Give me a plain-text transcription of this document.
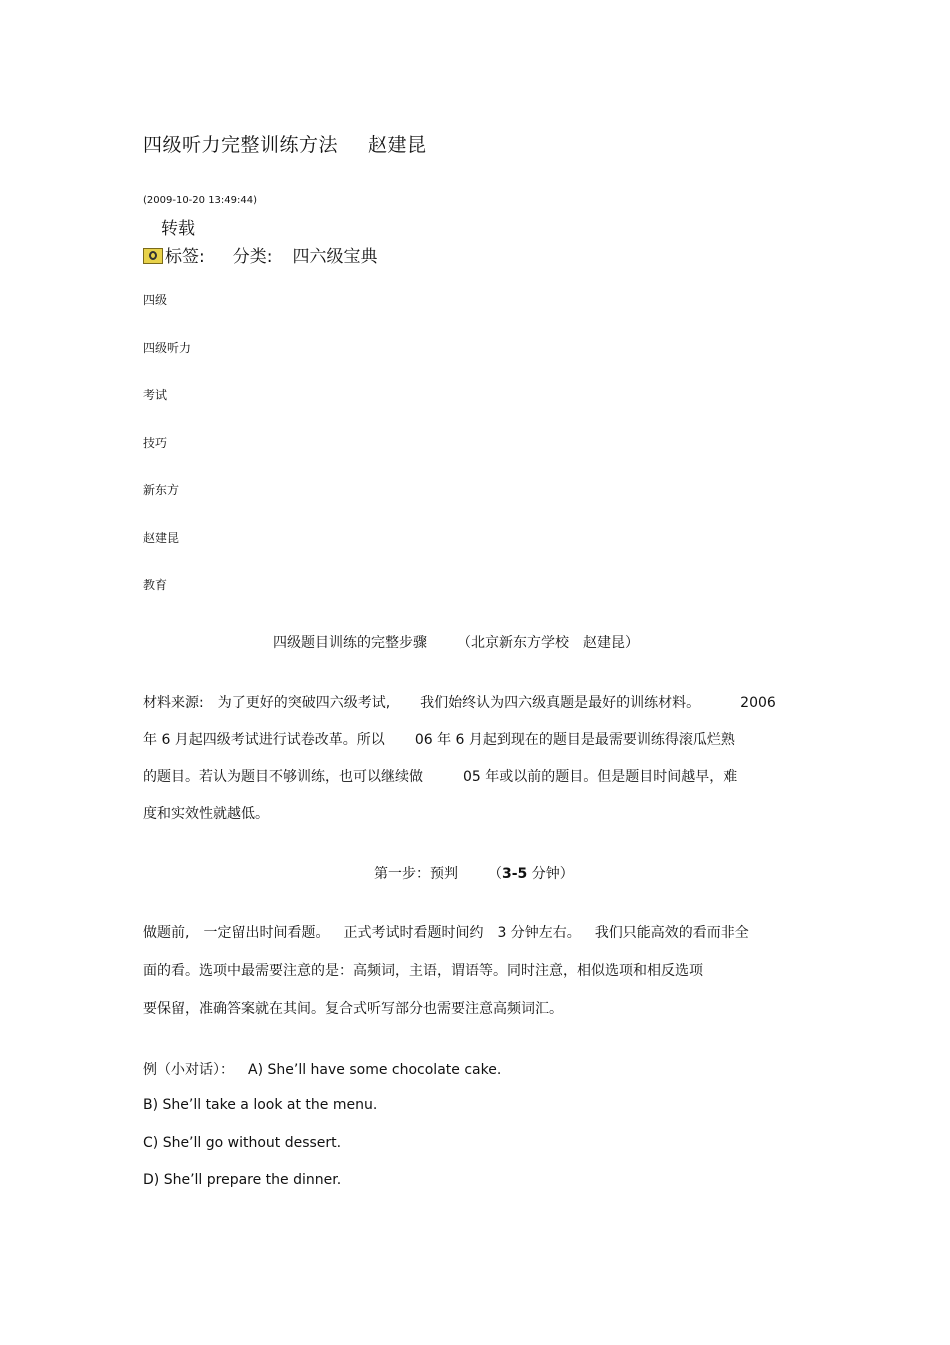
四级听力完整训练方法 赵建昆
(2009-10-20 13:49:44)
转载
标签: 分类: 四六级宝典
四级
四级听力
考试
技巧
新东方
赵建昆
教育
四级题目训练的完整步骤 （北京新东方学校 赵建昆）
材料来源: 为了更好的突破四六级考试, 我们始终认为四六级真题是最好的训练材料。	2006
年 6 月起四级考试进行试卷改革。所以 06 年 6 月起到现在的题目是最需要训练得滚瓜烂熟
的题目。若认为题目不够训练，也可以继续做	05 年或以前的题目。但是题目时间越早，难
度和实效性就越低。
第一步：预判 （3-5 分钟）
做题前, 一定留出时间看题。 正式考试时看题时间约 3 分钟左右。 我们只能高效的看而非全
面的看。选项中最需要注意的是：高频词，主语，谓语等。同时注意，相似选项和相反选项
要保留，准确答案就在其间。复合式听写部分也需要注意高频词汇。
例（小对话）： A) She’ll have some chocolate cake.
B) She’ll take a look at the menu.
C) She’ll go without dessert.
D) She’ll prepare the dinner.
